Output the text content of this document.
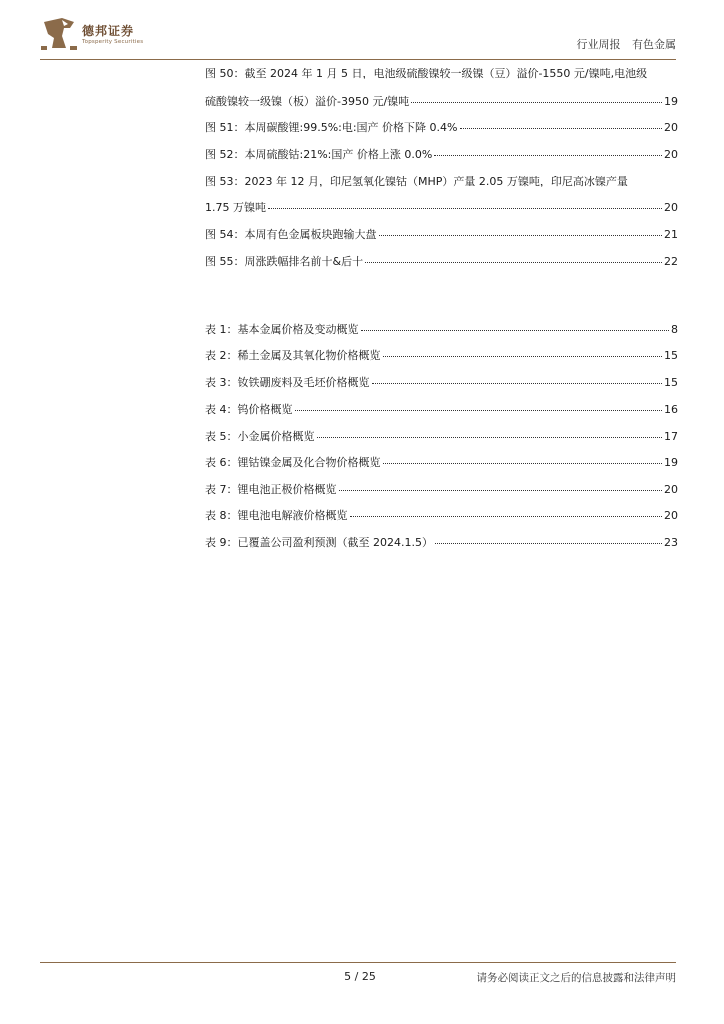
德邦证券
Topsperity Securities	行业周报 有色金属
图 50：截至 2024 年 1 月 5 日，电池级硫酸镍较一级镍（豆）溢价-1550 元/镍吨,电池级
硫酸镍较一级镍（板）溢价-3950 元/镍吨	19
图 51：本周碳酸锂:99.5%:电:国产 价格下降 0.4%	20
图 52：本周硫酸钴:21%:国产 价格上涨 0.0%	20
图 53：2023 年 12 月，印尼氢氧化镍钴（MHP）产量 2.05 万镍吨，印尼高冰镍产量
1.75 万镍吨	20
图 54：本周有色金属板块跑输大盘	21
图 55：周涨跌幅排名前十&后十	22
表 1：基本金属价格及变动概览	8
表 2：稀土金属及其氧化物价格概览	15
表 3：钕铁硼废料及毛坯价格概览	15
表 4：钨价格概览	16
表 5：小金属价格概览	17
表 6：锂钴镍金属及化合物价格概览	19
表 7：锂电池正极价格概览	20
表 8：锂电池电解液价格概览	20
表 9：已覆盖公司盈利预测（截至 2024.1.5）	23
5 / 25	请务必阅读正文之后的信息披露和法律声明
